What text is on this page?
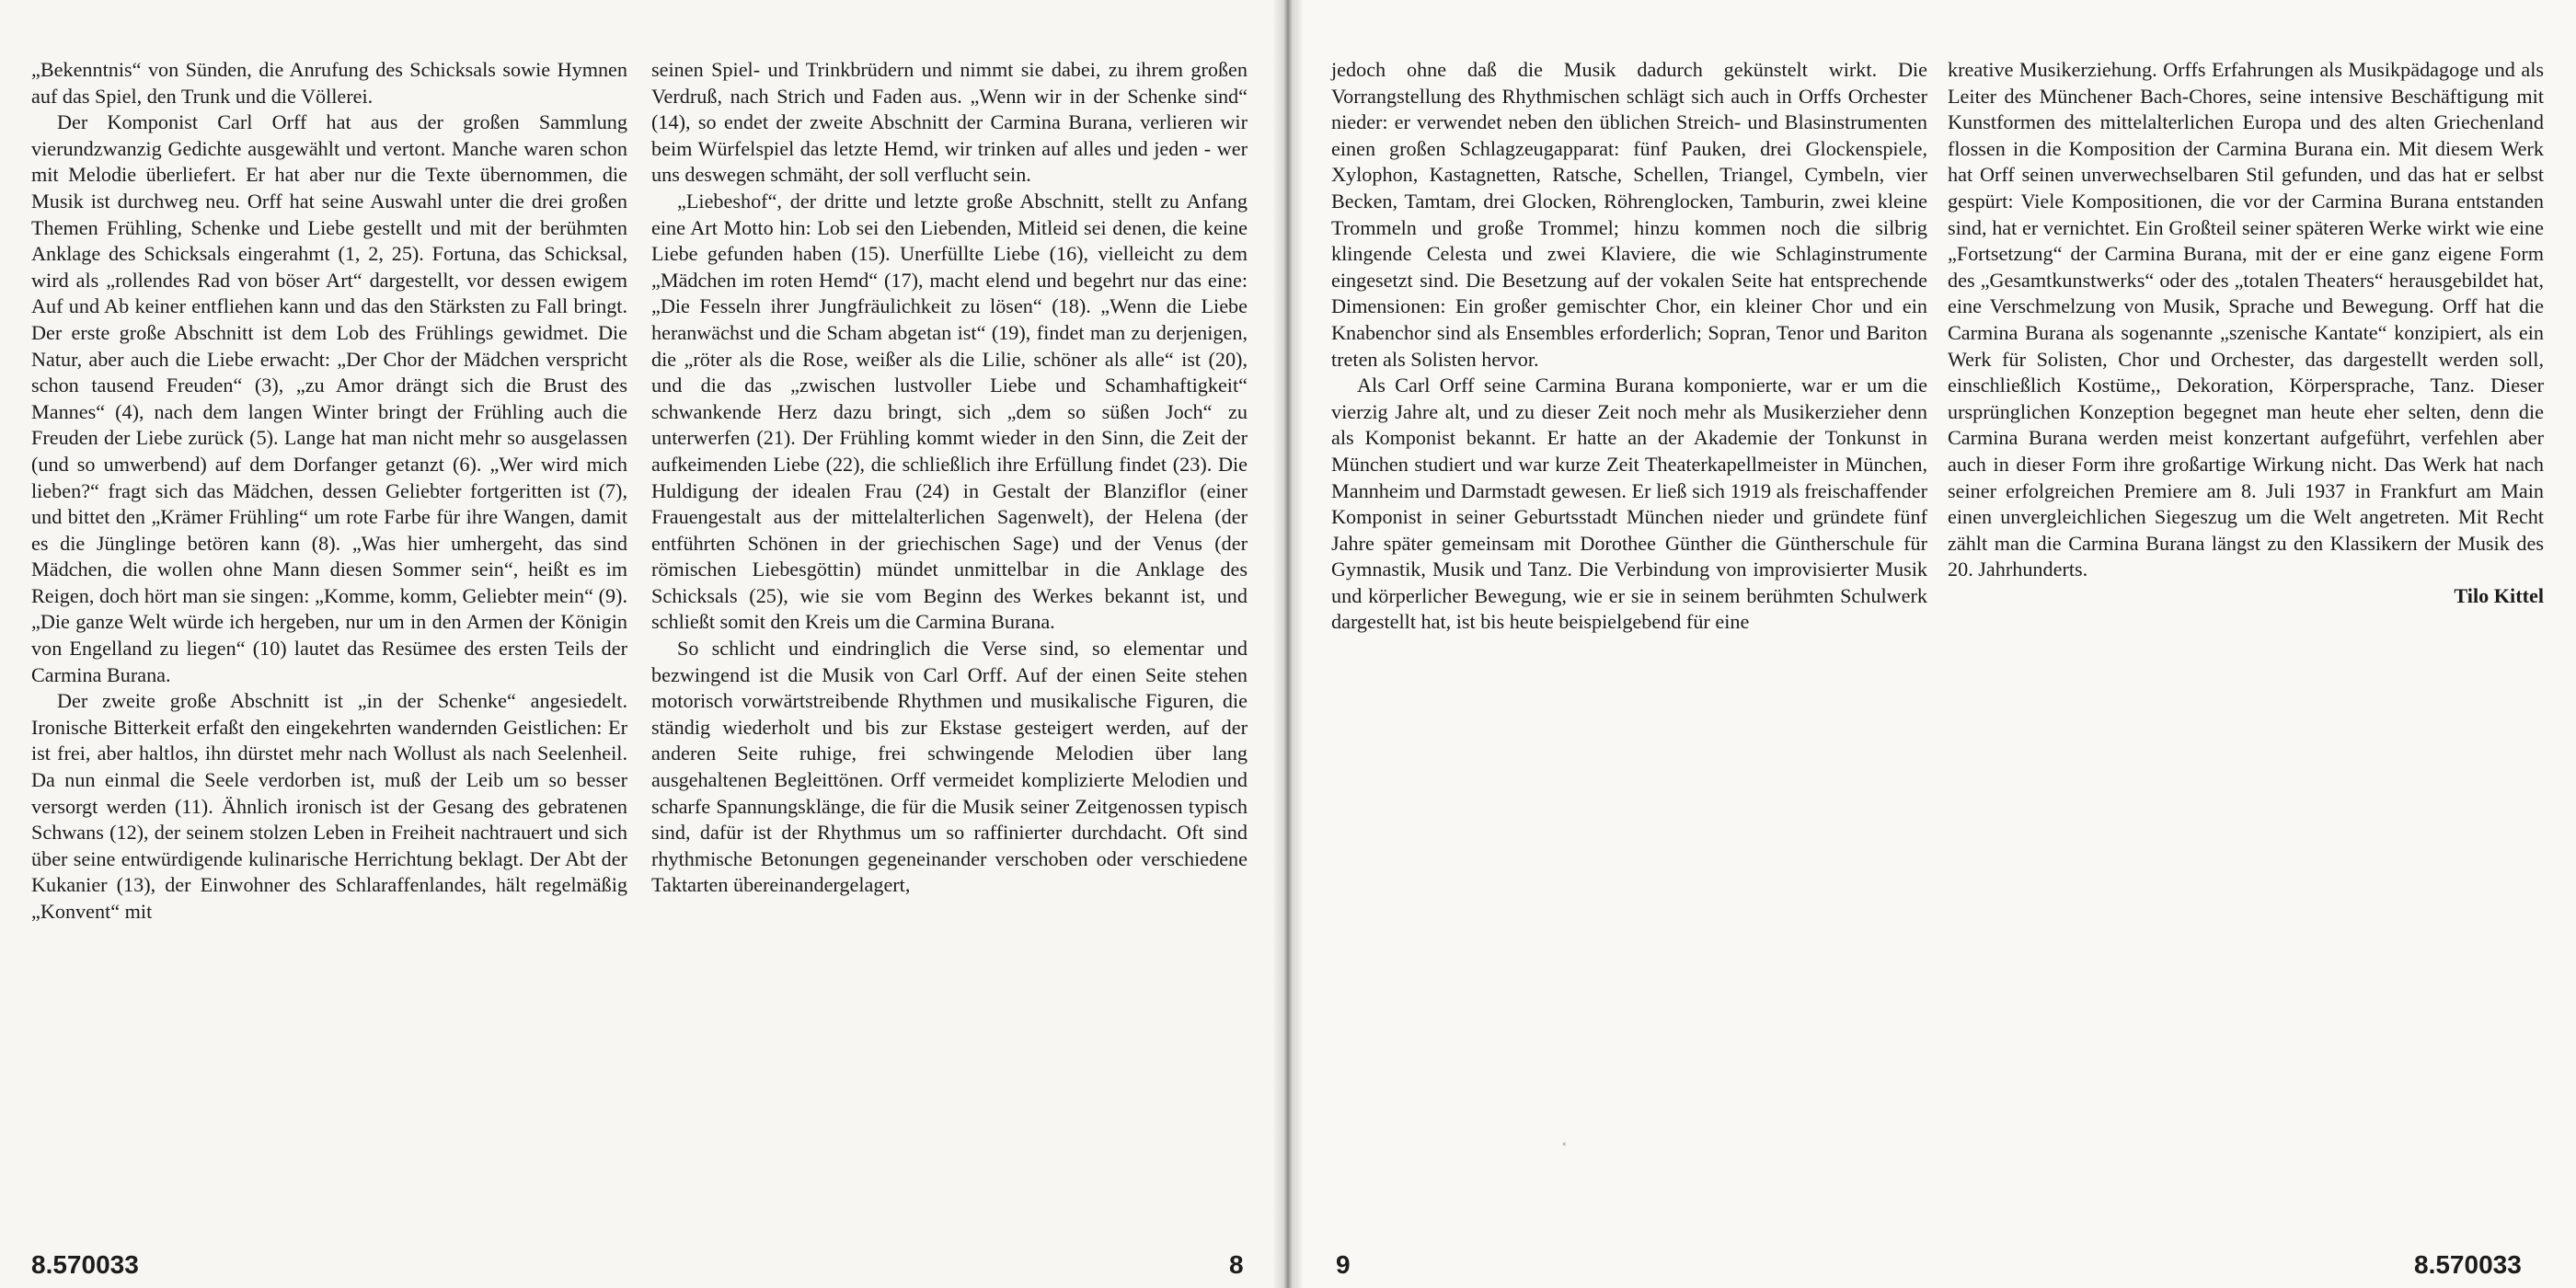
„Bekenntnis“ von Sünden, die Anrufung des Schicksals sowie Hymnen auf das Spiel, den Trunk und die Völlerei.

Der Komponist Carl Orff hat aus der großen Sammlung vierundzwanzig Gedichte ausgewählt und vertont. Manche waren schon mit Melodie überliefert. Er hat aber nur die Texte übernommen, die Musik ist durchweg neu. Orff hat seine Auswahl unter die drei großen Themen Frühling, Schenke und Liebe gestellt und mit der berühmten Anklage des Schicksals eingerahmt (1, 2, 25). Fortuna, das Schicksal, wird als „rollendes Rad von böser Art“ dargestellt, vor dessen ewigem Auf und Ab keiner entfliehen kann und das den Stärksten zu Fall bringt. Der erste große Abschnitt ist dem Lob des Frühlings gewidmet. Die Natur, aber auch die Liebe erwacht: „Der Chor der Mädchen verspricht schon tausend Freuden“ (3), „zu Amor drängt sich die Brust des Mannes“ (4), nach dem langen Winter bringt der Frühling auch die Freuden der Liebe zurück (5). Lange hat man nicht mehr so ausgelassen (und so umwerbend) auf dem Dorfanger getanzt (6). „Wer wird mich lieben?“ fragt sich das Mädchen, dessen Geliebter fortgeritten ist (7), und bittet den „Krämer Frühling“ um rote Farbe für ihre Wangen, damit es die Jünglinge betören kann (8). „Was hier umhergeht, das sind Mädchen, die wollen ohne Mann diesen Sommer sein“, heißt es im Reigen, doch hört man sie singen: „Komme, komm, Geliebter mein“ (9). „Die ganze Welt würde ich hergeben, nur um in den Armen der Königin von Engelland zu liegen“ (10) lautet das Resümee des ersten Teils der Carmina Burana.

Der zweite große Abschnitt ist „in der Schenke“ angesiedelt. Ironische Bitterkeit erfaßt den eingekehrten wandernden Geistlichen: Er ist frei, aber haltlos, ihn dürstet mehr nach Wollust als nach Seelenheil. Da nun einmal die Seele verdorben ist, muß der Leib um so besser versorgt werden (11). Ähnlich ironisch ist der Gesang des gebratenen Schwans (12), der seinem stolzen Leben in Freiheit nachtrauert und sich über seine entwürdigende kulinarische Herrichtung beklagt. Der Abt der Kukanier (13), der Einwohner des Schlaraffenlandes, hält regelmäßig „Konvent“ mit

seinen Spiel- und Trinkbrüdern und nimmt sie dabei, zu ihrem großen Verdruß, nach Strich und Faden aus. „Wenn wir in der Schenke sind“ (14), so endet der zweite Abschnitt der Carmina Burana, verlieren wir beim Würfelspiel das letzte Hemd, wir trinken auf alles und jeden - wer uns deswegen schmäht, der soll verflucht sein.

„Liebeshof“, der dritte und letzte große Abschnitt, stellt zu Anfang eine Art Motto hin: Lob sei den Liebenden, Mitleid sei denen, die keine Liebe gefunden haben (15). Unerfüllte Liebe (16), vielleicht zu dem „Mädchen im roten Hemd“ (17), macht elend und begehrt nur das eine: „Die Fesseln ihrer Jungfräulichkeit zu lösen“ (18). „Wenn die Liebe heranwächst und die Scham abgetan ist“ (19), findet man zu derjenigen, die „röter als die Rose, weißer als die Lilie, schöner als alle“ ist (20), und die das „zwischen lustvoller Liebe und Schamhaftigkeit“ schwankende Herz dazu bringt, sich „dem so süßen Joch“ zu unterwerfen (21). Der Frühling kommt wieder in den Sinn, die Zeit der aufkeimenden Liebe (22), die schließlich ihre Erfüllung findet (23). Die Huldigung der idealen Frau (24) in Gestalt der Blanziflor (einer Frauengestalt aus der mittelalterlichen Sagenwelt), der Helena (der entführten Schönen in der griechischen Sage) und der Venus (der römischen Liebesgöttin) mündet unmittelbar in die Anklage des Schicksals (25), wie sie vom Beginn des Werkes bekannt ist, und schließt somit den Kreis um die Carmina Burana.

So schlicht und eindringlich die Verse sind, so elementar und bezwingend ist die Musik von Carl Orff. Auf der einen Seite stehen motorisch vorwärtstreibende Rhythmen und musikalische Figuren, die ständig wiederholt und bis zur Ekstase gesteigert werden, auf der anderen Seite ruhige, frei schwingende Melodien über lang ausgehaltenen Begleittönen. Orff vermeidet komplizierte Melodien und scharfe Spannungsklänge, die für die Musik seiner Zeitgenossen typisch sind, dafür ist der Rhythmus um so raffinierter durchdacht. Oft sind rhythmische Betonungen gegeneinander verschoben oder verschiedene Taktarten übereinandergelagert,

8.570033	8

jedoch ohne daß die Musik dadurch gekünstelt wirkt. Die Vorrangstellung des Rhythmischen schlägt sich auch in Orffs Orchester nieder: er verwendet neben den üblichen Streich- und Blasinstrumenten einen großen Schlagzeugapparat: fünf Pauken, drei Glockenspiele, Xylophon, Kastagnetten, Ratsche, Schellen, Triangel, Cymbeln, vier Becken, Tamtam, drei Glocken, Röhrenglocken, Tamburin, zwei kleine Trommeln und große Trommel; hinzu kommen noch die silbrig klingende Celesta und zwei Klaviere, die wie Schlaginstrumente eingesetzt sind. Die Besetzung auf der vokalen Seite hat entsprechende Dimensionen: Ein großer gemischter Chor, ein kleiner Chor und ein Knabenchor sind als Ensembles erforderlich; Sopran, Tenor und Bariton treten als Solisten hervor.

Als Carl Orff seine Carmina Burana komponierte, war er um die vierzig Jahre alt, und zu dieser Zeit noch mehr als Musikerzieher denn als Komponist bekannt. Er hatte an der Akademie der Tonkunst in München studiert und war kurze Zeit Theaterkapellmeister in München, Mannheim und Darmstadt gewesen. Er ließ sich 1919 als freischaffender Komponist in seiner Geburtsstadt München nieder und gründete fünf Jahre später gemeinsam mit Dorothee Günther die Güntherschule für Gymnastik, Musik und Tanz. Die Verbindung von improvisierter Musik und körperlicher Bewegung, wie er sie in seinem berühmten Schulwerk dargestellt hat, ist bis heute beispielgebend für eine

kreative Musikerziehung. Orffs Erfahrungen als Musikpädagoge und als Leiter des Münchener Bach-Chores, seine intensive Beschäftigung mit Kunstformen des mittelalterlichen Europa und des alten Griechenland flossen in die Komposition der Carmina Burana ein. Mit diesem Werk hat Orff seinen unverwechselbaren Stil gefunden, und das hat er selbst gespürt: Viele Kompositionen, die vor der Carmina Burana entstanden sind, hat er vernichtet. Ein Großteil seiner späteren Werke wirkt wie eine „Fortsetzung“ der Carmina Burana, mit der er eine ganz eigene Form des „Gesamtkunstwerks“ oder des „totalen Theaters“ herausgebildet hat, eine Verschmelzung von Musik, Sprache und Bewegung. Orff hat die Carmina Burana als sogenannte „szenische Kantate“ konzipiert, als ein Werk für Solisten, Chor und Orchester, das dargestellt werden soll, einschließlich Kostüme,, Dekoration, Körpersprache, Tanz. Dieser ursprünglichen Konzeption begegnet man heute eher selten, denn die Carmina Burana werden meist konzertant aufgeführt, verfehlen aber auch in dieser Form ihre großartige Wirkung nicht. Das Werk hat nach seiner erfolgreichen Premiere am 8. Juli 1937 in Frankfurt am Main einen unvergleichlichen Siegeszug um die Welt angetreten. Mit Recht zählt man die Carmina Burana längst zu den Klassikern der Musik des 20. Jahrhunderts.

Tilo Kittel

‧
9	8.570033
